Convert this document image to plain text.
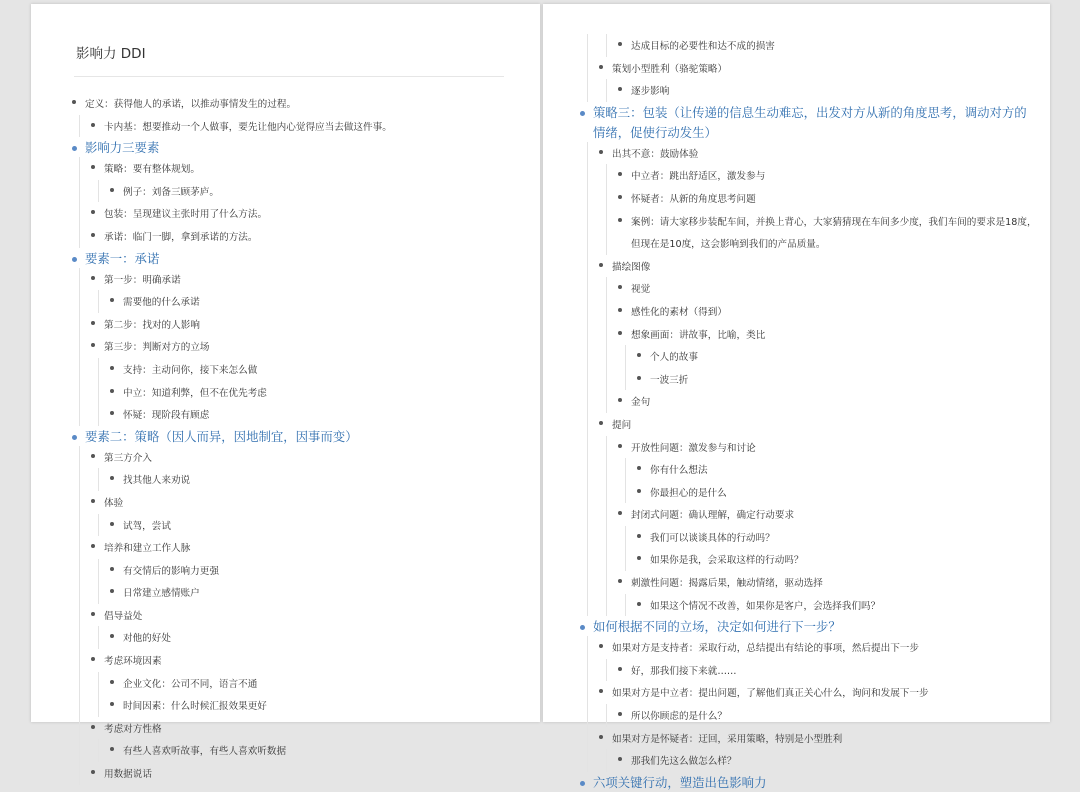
影响力 DDI
定义：获得他人的承诺，以推动事情发生的过程。
卡内基：想要推动一个人做事，要先让他内心觉得应当去做这件事。
影响力三要素
策略：要有整体规划。
例子：刘备三顾茅庐。
包装：呈现建议主张时用了什么方法。
承诺：临门一脚，拿到承诺的方法。
要素一：承诺
第一步：明确承诺
需要他的什么承诺
第二步：找对的人影响
第三步：判断对方的立场
支持：主动问你，接下来怎么做
中立：知道利弊，但不在优先考虑
怀疑：现阶段有顾虑
要素二：策略（因人而异，因地制宜，因事而变）
第三方介入
找其他人来劝说
体验
试驾，尝试
培养和建立工作人脉
有交情后的影响力更强
日常建立感情账户
倡导益处
对他的好处
考虑环境因素
企业文化：公司不同，语言不通
时间因素：什么时候汇报效果更好
考虑对方性格
有些人喜欢听故事，有些人喜欢听数据
用数据说话
达成目标的必要性和达不成的损害
策划小型胜利（骆驼策略）
逐步影响
策略三：包装（让传递的信息生动难忘，出发对方从新的角度思考，调动对方的情绪，促使行动发生）
出其不意：鼓励体验
中立者：跳出舒适区，激发参与
怀疑者：从新的角度思考问题
案例：请大家移步装配车间，并换上背心，大家猜猜现在车间多少度，我们车间的要求是18度，但现在是10度，这会影响到我们的产品质量。
描绘图像
视觉
感性化的素材（得到）
想象画面：讲故事，比喻，类比
个人的故事
一波三折
金句
提问
开放性问题：激发参与和讨论
你有什么想法
你最担心的是什么
封闭式问题：确认理解，确定行动要求
我们可以谈谈具体的行动吗？
如果你是我，会采取这样的行动吗？
刺激性问题：揭露后果，触动情绪，驱动选择
如果这个情况不改善，如果你是客户，会选择我们吗？
如何根据不同的立场，决定如何进行下一步？
如果对方是支持者：采取行动，总结提出有结论的事项，然后提出下一步
好，那我们接下来就……
如果对方是中立者：提出问题，了解他们真正关心什么，询问和发展下一步
所以你顾虑的是什么？
如果对方是怀疑者：迂回，采用策略，特别是小型胜利
那我们先这么做怎么样？
六项关键行动，塑造出色影响力
